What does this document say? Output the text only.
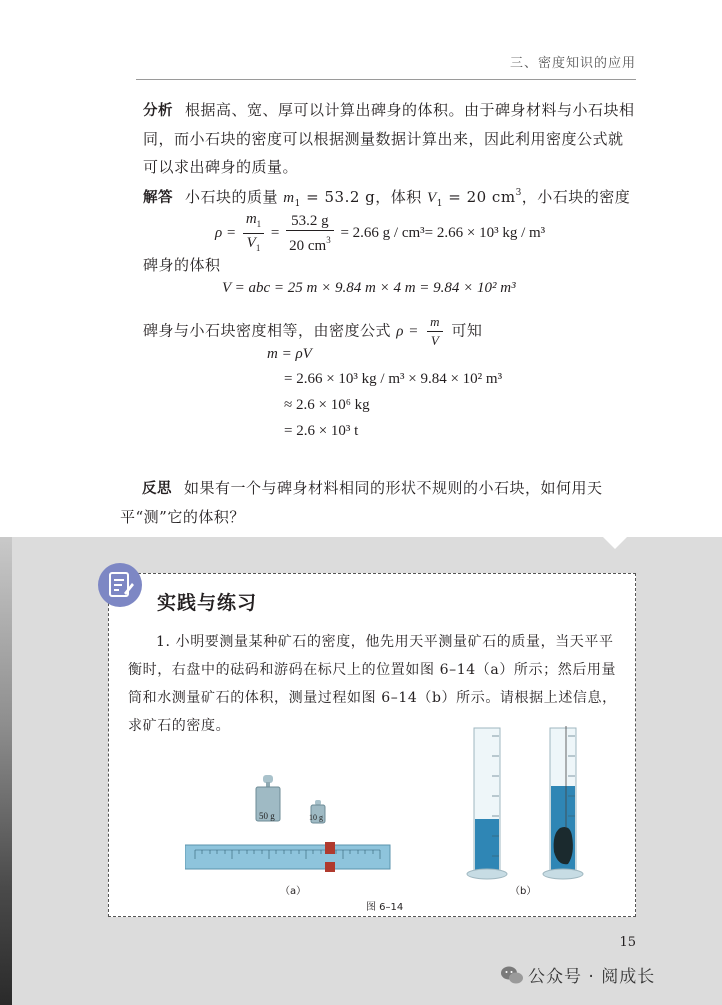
三、密度知识的应用
分析 根据高、宽、厚可以计算出碑身的体积。由于碑身材料与小石块相同，而小石块的密度可以根据测量数据计算出来，因此利用密度公式就可以求出碑身的质量。
解答 小石块的质量 $m_1 = 53.2$ g，体积 $V_1 = 20$ $cm^3$，小石块的密度
$\rho = \frac{m_1}{V_1} = \frac{53.2 g}{20 cm^3} = 2.66$ g / cm³= 2.66 × 10³ kg / m³
碑身的体积
V = abc = 25 m × 9.84 m × 4 m = 9.84 × 10² m³
碑身与小石块密度相等，由密度公式 $\rho = \frac{m}{V}$ 可知
m = ρV
= 2.66 × 10³ kg / m³ × 9.84 × 10² m³
≈ 2.6 × 10⁶ kg
= 2.6 × 10³ t
反思 如果有一个与碑身材料相同的形状不规则的小石块，如何用天平“测”它的体积？
实践与练习
1. 小明要测量某种矿石的密度，他先用天平测量矿石的质量，当天平平衡时，右盘中的砝码和游码在标尺上的位置如图 6–14（a）所示；然后用量筒和水测量矿石的体积，测量过程如图 6–14（b）所示。请根据上述信息，求矿石的密度。
50 g	10 g
（a）	（b）
图 6–14
15
公众号 · 阅成长
